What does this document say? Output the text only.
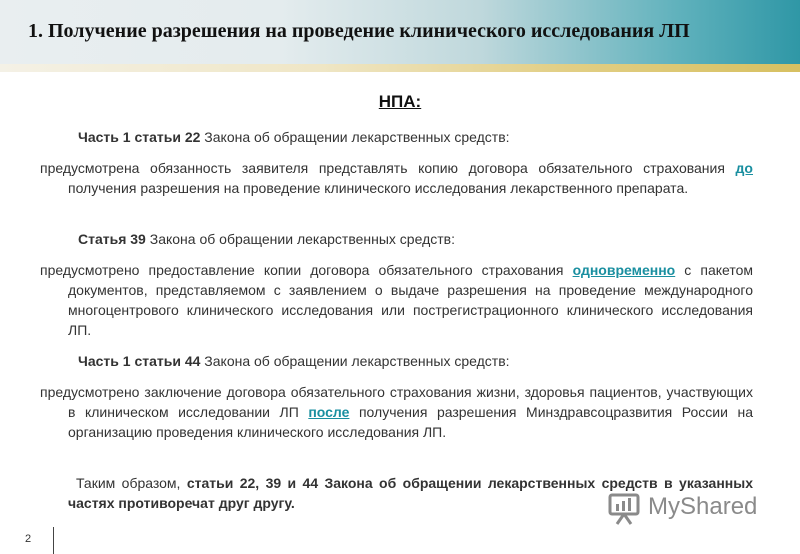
1. Получение разрешения на проведение клинического исследования ЛП
НПА:
Часть 1 статьи 22 Закона об обращении лекарственных средств:
предусмотрена обязанность заявителя представлять копию договора обязательного страхования до получения разрешения на проведение клинического исследования лекарственного препарата.
Статья 39 Закона об обращении лекарственных средств:
предусмотрено предоставление копии договора обязательного страхования одновременно с пакетом документов, представляемом с заявлением о выдаче разрешения на проведение международного многоцентрового клинического исследования или пострегистрационного клинического исследования ЛП.
Часть 1 статьи 44 Закона об обращении лекарственных средств:
предусмотрено заключение договора обязательного страхования жизни, здоровья пациентов, участвующих в клиническом исследовании ЛП после получения разрешения Минздравсоцразвития России на организацию проведения клинического исследования ЛП.
Таким образом, статьи 22, 39 и 44 Закона об обращении лекарственных средств в указанных частях противоречат друг другу.
2
MyShared
